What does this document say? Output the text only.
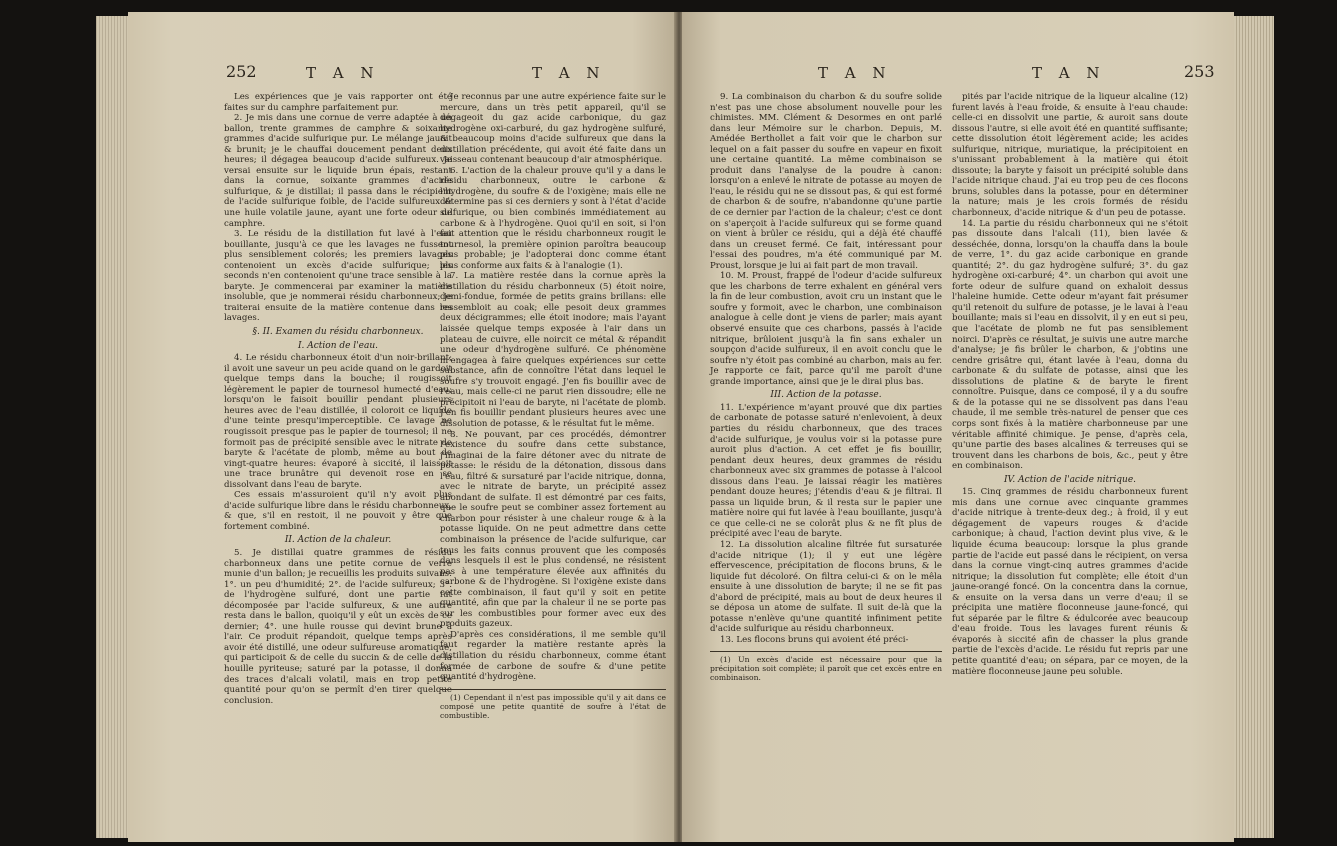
252	T A N	T A N

Les expériences que je vais rapporter ont été faites sur du camphre parfaitement pur.

2. Je mis dans une cornue de verre adaptée à un ballon, trente grammes de camphre & soixante grammes d'acide sulfurique pur. Le mélange jaunit & brunit; je le chauffai doucement pendant deux heures; il dégagea beaucoup d'acide sulfureux. Je versai ensuite sur le liquide brun épais, restant dans la cornue, soixante grammes d'acide sulfurique, & je distillai; il passa dans le récipient de l'acide sulfurique foible, de l'acide sulfureux & une huile volatile jaune, ayant une forte odeur de camphre.

3. Le résidu de la distillation fut lavé à l'eau bouillante, jusqu'à ce que les lavages ne fussent plus sensiblement colorés; les premiers lavages contenoient un excès d'acide sulfurique; les seconds n'en contenoient qu'une trace sensible à la baryte. Je commencerai par examiner la matière insoluble, que je nommerai résidu charbonneux; je traiterai ensuite de la matière contenue dans les lavages.

§. II. Examen du résidu charbonneux.
I. Action de l'eau.

4. Le résidu charbonneux étoit d'un noir-brillant; il avoit une saveur un peu acide quand on le gardoit quelque temps dans la bouche; il rougissoit légèrement le papier de tournesol humecté d'eau; lorsqu'on le faisoit bouillir pendant plusieurs heures avec de l'eau distillée, il coloroit ce liquide d'une teinte presqu'imperceptible. Ce lavage ne rougissoit presque pas le papier de tournesol; il ne formoit pas de précipité sensible avec le nitrate de baryte & l'acétate de plomb, même au bout de vingt-quatre heures: évaporé à siccité, il laissoit une trace brunâtre qui devenoit rose en se dissolvant dans l'eau de baryte.

Ces essais m'assuroient qu'il n'y avoit plus d'acide sulfurique libre dans le résidu charbonneux, & que, s'il en restoit, il ne pouvoit y être que fortement combiné.

II. Action de la chaleur.

5. Je distillai quatre grammes de résidu charbonneux dans une petite cornue de verre munie d'un ballon; je recueillis les produits suivans: 1°. un peu d'humidité; 2°. de l'acide sulfureux; 3°. de l'hydrogène sulfuré, dont une partie fut décomposée par l'acide sulfureux, & une autre resta dans le ballon, quoiqu'il y eût un excès de ce dernier; 4°. une huile rousse qui devint brune à l'air. Ce produit répandoit, quelque temps après avoir été distillé, une odeur sulfureuse aromatique, qui participoit & de celle du succin & de celle de la houille pyriteuse; saturé par la potasse, il donna des traces d'alcali volatil, mais en trop petite quantité pour qu'on se permît d'en tirer quelque conclusion.

Je reconnus par une autre expérience faite sur le mercure, dans un très petit appareil, qu'il se dégageoit du gaz acide carbonique, du gaz hydrogène oxi-carburé, du gaz hydrogène sulfuré, & beaucoup moins d'acide sulfureux que dans la distillation précédente, qui avoit été faite dans un vaisseau contenant beaucoup d'air atmosphérique.

6. L'action de la chaleur prouve qu'il y a dans le résidu charbonneux, outre le carbone & l'hydrogène, du soufre & de l'oxigène; mais elle ne détermine pas si ces derniers y sont à l'état d'acide sulfurique, ou bien combinés immédiatement au carbone & à l'hydrogène. Quoi qu'il en soit, si l'on fait attention que le résidu charbonneux rougit le tournesol, la première opinion paroîtra beaucoup plus probable; je l'adopterai donc comme étant plus conforme aux faits & à l'analogie (1).

7. La matière restée dans la cornue après la distillation du résidu charbonneux (5) étoit noire, demi-fondue, formée de petits grains brillans: elle ressembloit au coak; elle pesoit deux grammes deux décigrammes; elle étoit inodore; mais l'ayant laissée quelque temps exposée à l'air dans un plateau de cuivre, elle noircit ce métal & répandit une odeur d'hydrogène sulfuré. Ce phénomène m'engagea à faire quelques expériences sur cette substance, afin de connoître l'état dans lequel le soufre s'y trouvoit engagé. J'en fis bouillir avec de l'eau, mais celle-ci ne parut rien dissoudre; elle ne précipitoit ni l'eau de baryte, ni l'acétate de plomb. J'en fis bouillir pendant plusieurs heures avec une dissolution de potasse, & le résultat fut le même.

8. Ne pouvant, par ces procédés, démontrer l'existence du soufre dans cette substance, j'imaginai de la faire détoner avec du nitrate de potasse: le résidu de la détonation, dissous dans l'eau, filtré & sursaturé par l'acide nitrique, donna, avec le nitrate de baryte, un précipité assez abondant de sulfate. Il est démontré par ces faits, que le soufre peut se combiner assez fortement au charbon pour résister à une chaleur rouge & à la potasse liquide. On ne peut admettre dans cette combinaison la présence de l'acide sulfurique, car tous les faits connus prouvent que les composés dans lesquels il est le plus condensé, ne résistent pas à une température élevée aux affinités du carbone & de l'hydrogène. Si l'oxigène existe dans cette combinaison, il faut qu'il y soit en petite quantité, afin que par la chaleur il ne se porte pas sur les combustibles pour former avec eux des produits gazeux.

D'après ces considérations, il me semble qu'il faut regarder la matière restante après la distillation du résidu charbonneux, comme étant formée de carbone de soufre & d'une petite quantité d'hydrogène.

(1) Cependant il n'est pas impossible qu'il y ait dans ce composé une petite quantité de soufre à l'état de combustible.

T A N	T A N	253

9. La combinaison du charbon & du soufre solide n'est pas une chose absolument nouvelle pour les chimistes. MM. Clément & Desormes en ont parlé dans leur Mémoire sur le charbon. Depuis, M. Amédée Berthollet a fait voir que le charbon sur lequel on a fait passer du soufre en vapeur en fixoit une certaine quantité. La même combinaison se produit dans l'analyse de la poudre à canon: lorsqu'on a enlevé le nitrate de potasse au moyen de l'eau, le résidu qui ne se dissout pas, & qui est formé de charbon & de soufre, n'abandonne qu'une partie de ce dernier par l'action de la chaleur; c'est ce dont on s'aperçoit à l'acide sulfureux qui se forme quand on vient à brûler ce résidu, qui a déjà été chauffé dans un creuset fermé. Ce fait, intéressant pour l'essai des poudres, m'a été communiqué par M. Proust, lorsque je lui ai fait part de mon travail.

10. M. Proust, frappé de l'odeur d'acide sulfureux que les charbons de terre exhalent en général vers la fin de leur combustion, avoit cru un instant que le soufre y formoit, avec le charbon, une combinaison analogue à celle dont je viens de parler; mais ayant observé ensuite que ces charbons, passés à l'acide nitrique, brûloient jusqu'à la fin sans exhaler un soupçon d'acide sulfureux, il en avoit conclu que le soufre n'y étoit pas combiné au charbon, mais au fer. Je rapporte ce fait, parce qu'il me paroît d'une grande importance, ainsi que je le dirai plus bas.

III. Action de la potasse.

11. L'expérience m'ayant prouvé que dix parties de carbonate de potasse saturé n'enlevoient, à deux parties du résidu charbonneux, que des traces d'acide sulfurique, je voulus voir si la potasse pure auroit plus d'action. A cet effet je fis bouillir, pendant deux heures, deux grammes de résidu charbonneux avec six grammes de potasse à l'alcool dissous dans l'eau. Je laissai réagir les matières pendant douze heures; j'étendis d'eau & je filtrai. Il passa un liquide brun, & il resta sur le papier une matière noire qui fut lavée à l'eau bouillante, jusqu'à ce que celle-ci ne se colorât plus & ne fît plus de précipité avec l'eau de baryte.

12. La dissolution alcaline filtrée fut sursaturée d'acide nitrique (1); il y eut une légère effervescence, précipitation de flocons bruns, & le liquide fut décoloré. On filtra celui-ci & on le mêla ensuite à une dissolution de baryte; il ne se fit pas d'abord de précipité, mais au bout de deux heures il se déposa un atome de sulfate. Il suit de-là que la potasse n'enlève qu'une quantité infiniment petite d'acide sulfurique au résidu charbonneux.

13. Les flocons bruns qui avoient été préci-

(1) Un excès d'acide est nécessaire pour que la précipitation soit complète; il paroît que cet excès entre en combinaison.

pités par l'acide nitrique de la liqueur alcaline (12) furent lavés à l'eau froide, & ensuite à l'eau chaude: celle-ci en dissolvit une partie, & auroit sans doute dissous l'autre, si elle avoit été en quantité suffisante; cette dissolution étoit légèrement acide; les acides sulfurique, nitrique, muriatique, la précipitoient en s'unissant probablement à la matière qui étoit dissoute; la baryte y faisoit un précipité soluble dans l'acide nitrique chaud. J'ai eu trop peu de ces flocons bruns, solubles dans la potasse, pour en déterminer la nature; mais je les crois formés de résidu charbonneux, d'acide nitrique & d'un peu de potasse.

14. La partie du résidu charbonneux qui ne s'étoit pas dissoute dans l'alcali (11), bien lavée & desséchée, donna, lorsqu'on la chauffa dans la boule de verre, 1°. du gaz acide carbonique en grande quantité; 2°. du gaz hydrogène sulfuré; 3°. du gaz hydrogène oxi-carburé; 4°. un charbon qui avoit une forte odeur de sulfure quand on exhaloit dessus l'haleine humide. Cette odeur m'ayant fait présumer qu'il retenoit du sulfure de potasse, je le lavai à l'eau bouillante; mais si l'eau en dissolvit, il y en eut si peu, que l'acétate de plomb ne fut pas sensiblement noirci. D'après ce résultat, je suivis une autre marche d'analyse; je fis brûler le charbon, & j'obtins une cendre grisâtre qui, étant lavée à l'eau, donna du carbonate & du sulfate de potasse, ainsi que les dissolutions de platine & de baryte le firent connoître. Puisque, dans ce composé, il y a du soufre & de la potasse qui ne se dissolvent pas dans l'eau chaude, il me semble très-naturel de penser que ces corps sont fixés à la matière charbonneuse par une véritable affinité chimique. Je pense, d'après cela, qu'une partie des bases alcalines & terreuses qui se trouvent dans les charbons de bois, &c., peut y être en combinaison.

IV. Action de l'acide nitrique.

15. Cinq grammes de résidu charbonneux furent mis dans une cornue avec cinquante grammes d'acide nitrique à trente-deux deg.; à froid, il y eut dégagement de vapeurs rouges & d'acide carbonique; à chaud, l'action devint plus vive, & le liquide écuma beaucoup: lorsque la plus grande partie de l'acide eut passé dans le récipient, on versa dans la cornue vingt-cinq autres grammes d'acide nitrique; la dissolution fut complète; elle étoit d'un jaune-orangé foncé. On la concentra dans la cornue, & ensuite on la versa dans un verre d'eau; il se précipita une matière floconneuse jaune-foncé, qui fut séparée par le filtre & édulcorée avec beaucoup d'eau froide. Tous les lavages furent réunis & évaporés à siccité afin de chasser la plus grande partie de l'excès d'acide. Le résidu fut repris par une petite quantité d'eau; on sépara, par ce moyen, de la matière floconneuse jaune peu soluble.
